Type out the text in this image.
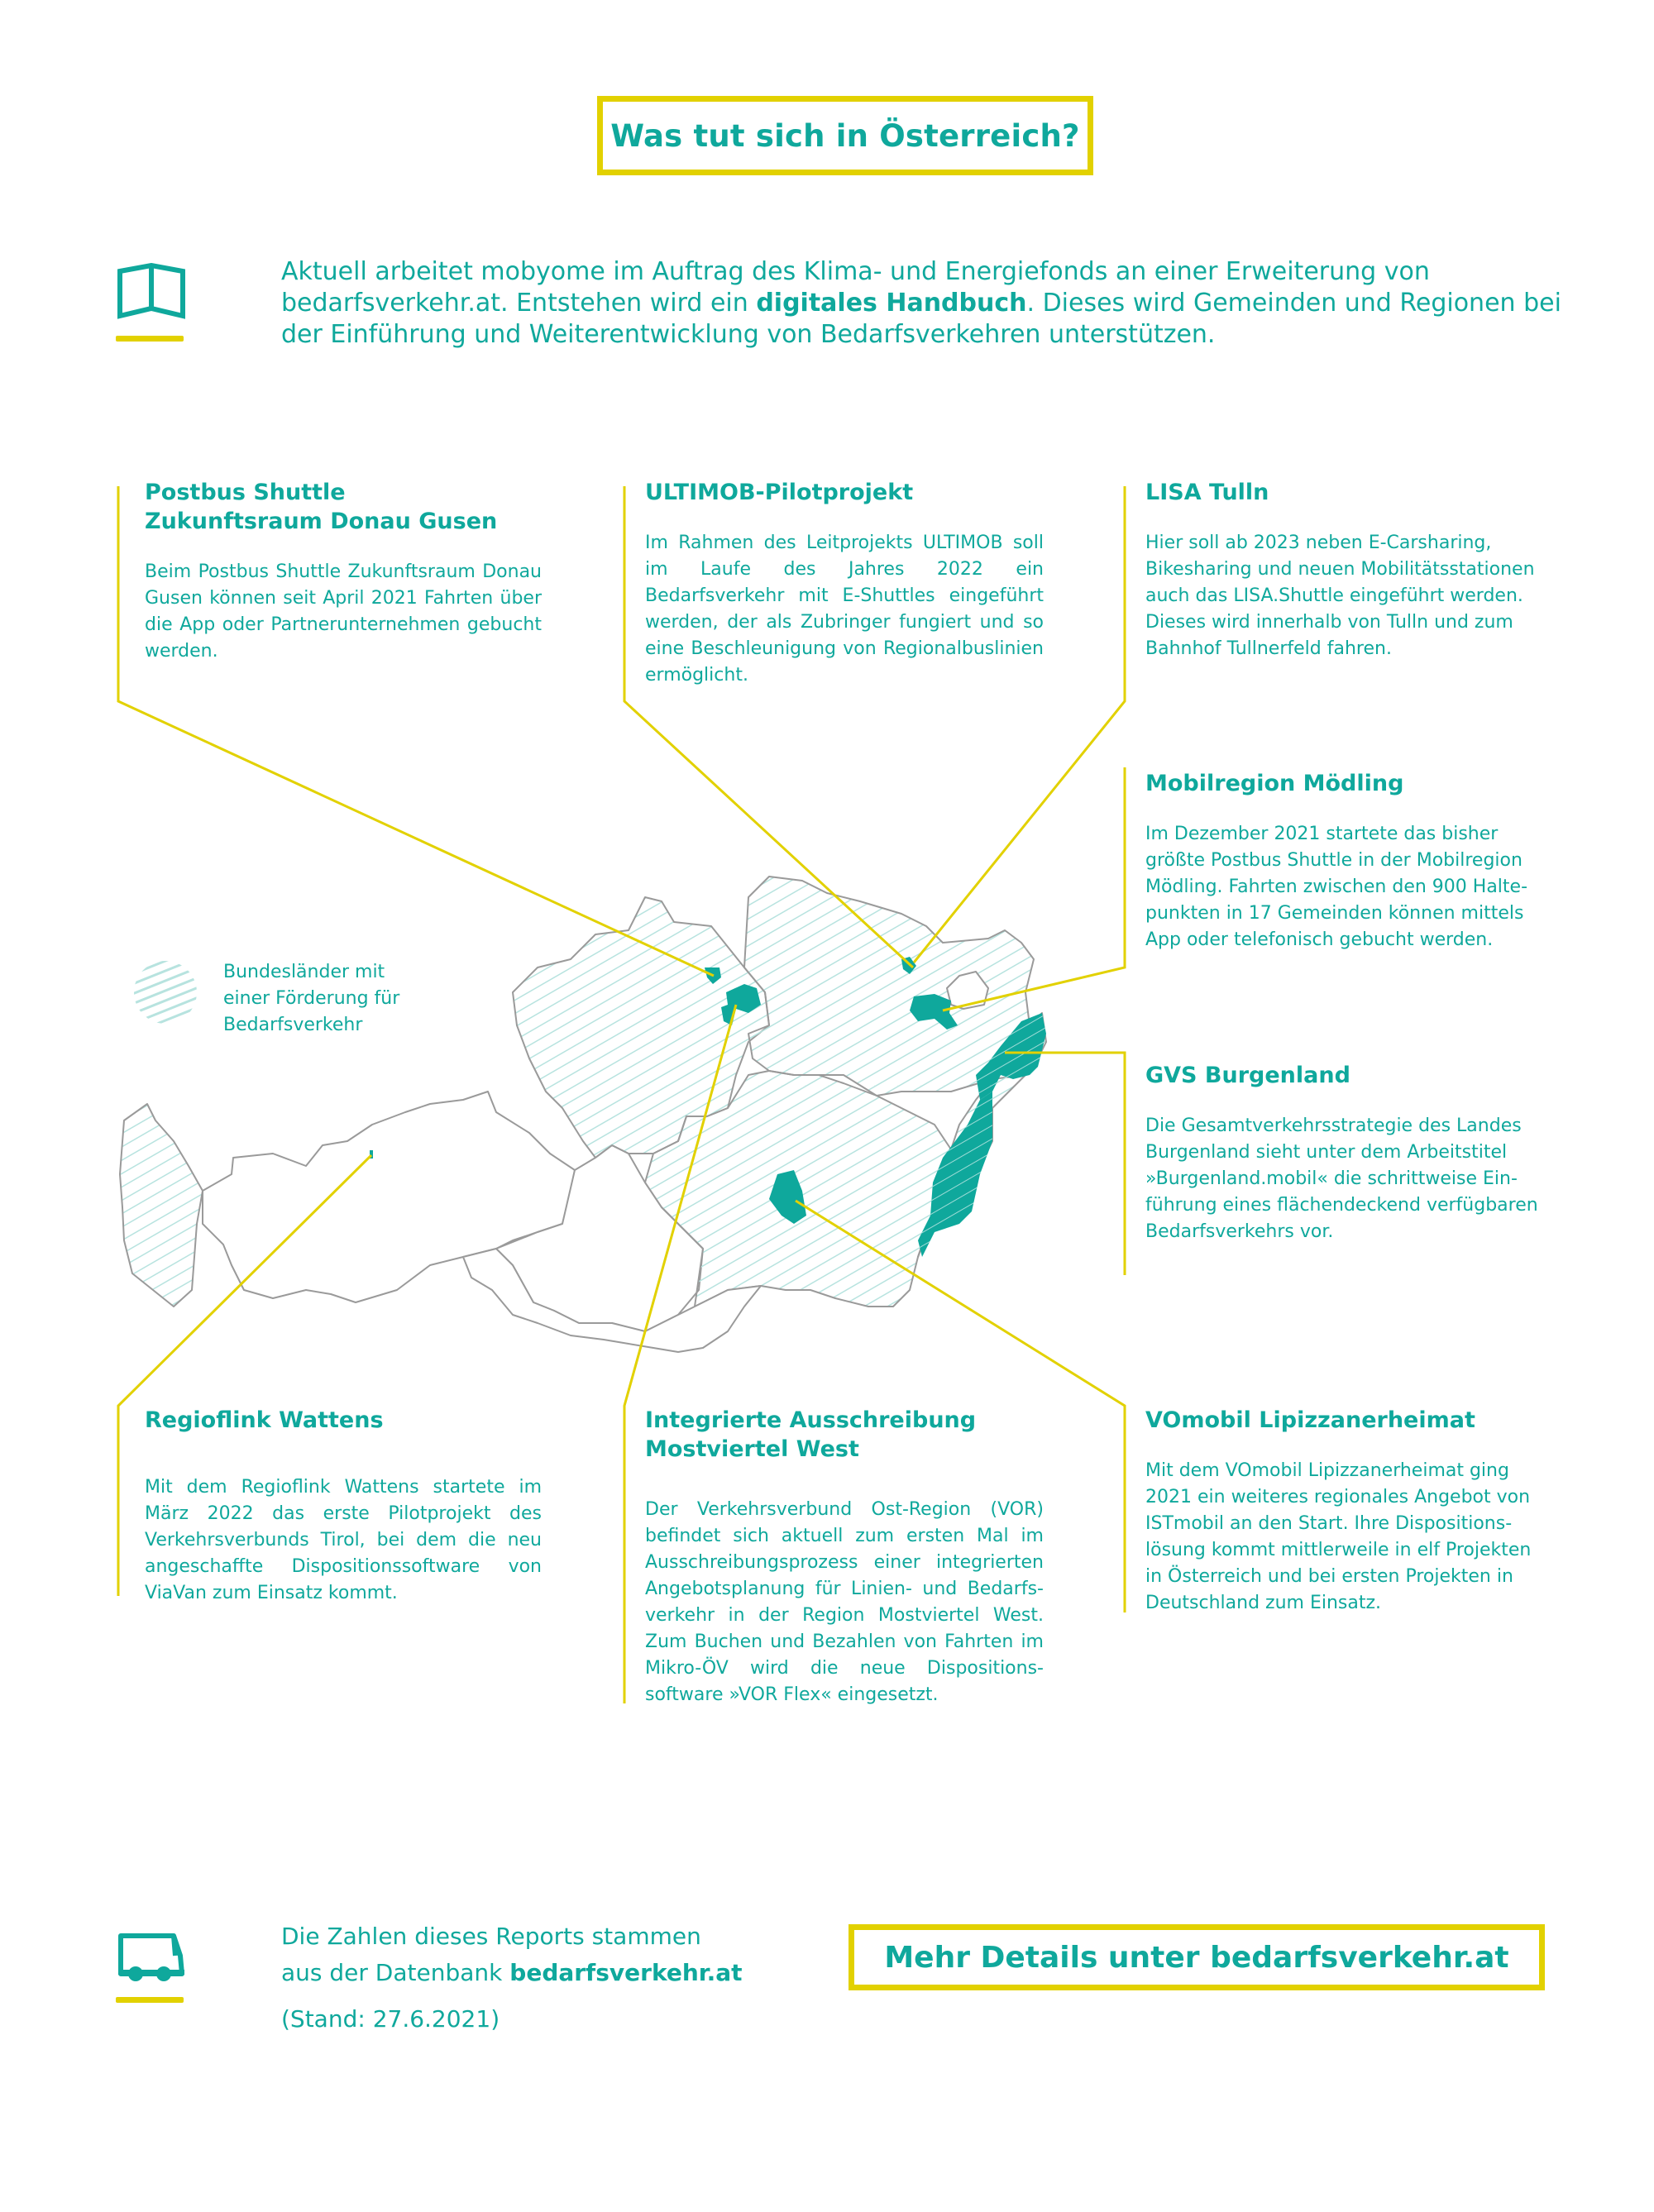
Was tut sich in Österreich?
Aktuell arbeitet mobyome im Auftrag des Klima- und Energiefonds an einer Erweiterung von bedarfsverkehr.at. Entstehen wird ein digitales Handbuch. Dieses wird Gemeinden und Regionen bei der Einführung und Weiterentwicklung von Bedarfsverkehren unterstützen.
Bundesländer mit einer Förderung für Bedarfsverkehr
Postbus Shuttle Zukunftsraum Donau Gusen

Beim Postbus Shuttle Zukunftsraum Donau Gusen können seit April 2021 Fahrten über die App oder Partnerunternehmen gebucht werden.

ULTIMOB-Pilotprojekt

Im Rahmen des Leitprojekts ULTIMOB soll im Laufe des Jahres 2022 ein Bedarfsverkehr mit E-Shuttles eingeführt werden, der als Zubringer fungiert und so eine Beschleunigung von Regionalbuslinien ermöglicht.

LISA Tulln

Hier soll ab 2023 neben E-Carsharing, Bikesharing und neuen Mobilitätsstationen auch das LISA.Shuttle eingeführt werden. Dieses wird innerhalb von Tulln und zum Bahnhof Tullnerfeld fahren.

Mobilregion Mödling

Im Dezember 2021 startete das bisher größte Postbus Shuttle in der Mobilregion Mödling. Fahrten zwischen den 900 Haltepunkten in 17 Gemeinden können mittels App oder telefonisch gebucht werden.

GVS Burgenland

Die Gesamtverkehrsstrategie des Landes Burgenland sieht unter dem Arbeitstitel »Burgenland.mobil« die schrittweise Einführung eines flächendeckend verfügbaren Bedarfsverkehrs vor.

Regioflink Wattens

Mit dem Regioflink Wattens startete im März 2022 das erste Pilotprojekt des Verkehrsverbunds Tirol, bei dem die neu angeschaffte Dispositionssoftware von ViaVan zum Einsatz kommt.

Integrierte Ausschreibung Mostviertel West

Der Verkehrsverbund Ost-Region (VOR) befindet sich aktuell zum ersten Mal im Ausschreibungsprozess einer integrierten Angebotsplanung für Linien- und Bedarfsverkehr in der Region Mostviertel West. Zum Buchen und Bezahlen von Fahrten im Mikro-ÖV wird die neue Dispositionssoftware »VOR Flex« eingesetzt.

VOmobil Lipizzanerheimat

Mit dem VOmobil Lipizzanerheimat ging 2021 ein weiteres regionales Angebot von ISTmobil an den Start. Ihre Dispositionslösung kommt mittlerweile in elf Projekten in Österreich und bei ersten Projekten in Deutschland zum Einsatz.

Die Zahlen dieses Reports stammen
aus der Datenbank bedarfsverkehr.at
(Stand: 27.6.2021)
Mehr Details unter bedarfsverkehr.at
